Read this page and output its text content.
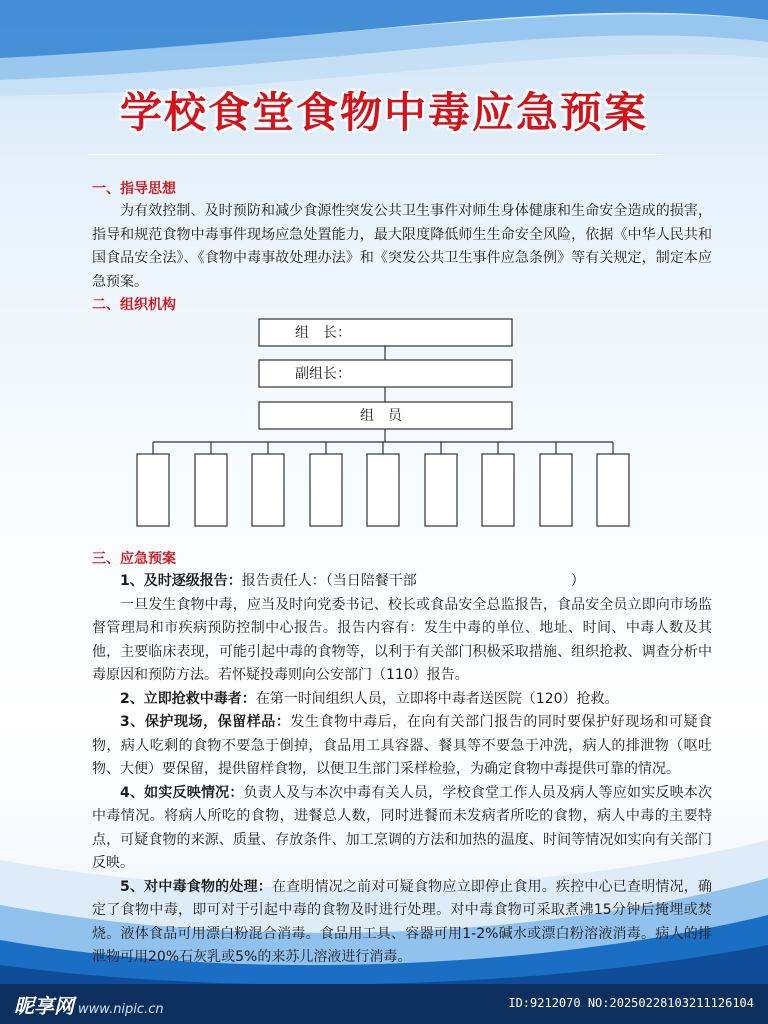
学校食堂食物中毒应急预案
一、指导思想

为有效控制、及时预防和减少食源性突发公共卫生事件对师生身体健康和生命安全造成的损害，指导和规范食物中毒事件现场应急处置能力，最大限度降低师生生命安全风险，依据《中华人民共和国食品安全法》、《食物中毒事故处理办法》和《突发公共卫生事件应急条例》等有关规定，制定本应急预案。

二、组织机构
组　长：
副组长：
组　员
三、应急预案

1、及时逐级报告：报告责任人：（当日陪餐干部　　　　　　　　　　　）

一旦发生食物中毒，应当及时向党委书记、校长或食品安全总监报告，食品安全员立即向市场监督管理局和市疾病预防控制中心报告。报告内容有：发生中毒的单位、地址、时间、中毒人数及其他，主要临床表现，可能引起中毒的食物等，以利于有关部门积极采取措施、组织抢救、调查分析中毒原因和预防方法。若怀疑投毒则向公安部门（110）报告。

2、立即抢救中毒者：在第一时间组织人员，立即将中毒者送医院（120）抢救。

3、保护现场，保留样品：发生食物中毒后，在向有关部门报告的同时要保护好现场和可疑食物，病人吃剩的食物不要急于倒掉，食品用工具容器、餐具等不要急于冲洗，病人的排泄物（呕吐物、大便）要保留，提供留样食物，以便卫生部门采样检验，为确定食物中毒提供可靠的情况。

4、如实反映情况：负责人及与本次中毒有关人员，学校食堂工作人员及病人等应如实反映本次中毒情况。将病人所吃的食物，进餐总人数，同时进餐而未发病者所吃的食物，病人中毒的主要特点，可疑食物的来源、质量、存放条件、加工烹调的方法和加热的温度、时间等情况如实向有关部门反映。

5、对中毒食物的处理：在查明情况之前对可疑食物应立即停止食用。疾控中心已查明情况，确定了食物中毒，即可对于引起中毒的食物及时进行处理。对中毒食物可采取煮沸15分钟后掩埋或焚烧。液体食品可用漂白粉混合消毒。食品用工具、容器可用1-2%碱水或漂白粉溶液消毒。病人的排泄物可用20%石灰乳或5%的来苏儿溶液进行消毒。

昵享网 www.nipic.cn	ID:9212070 NO:20250228103211126104
